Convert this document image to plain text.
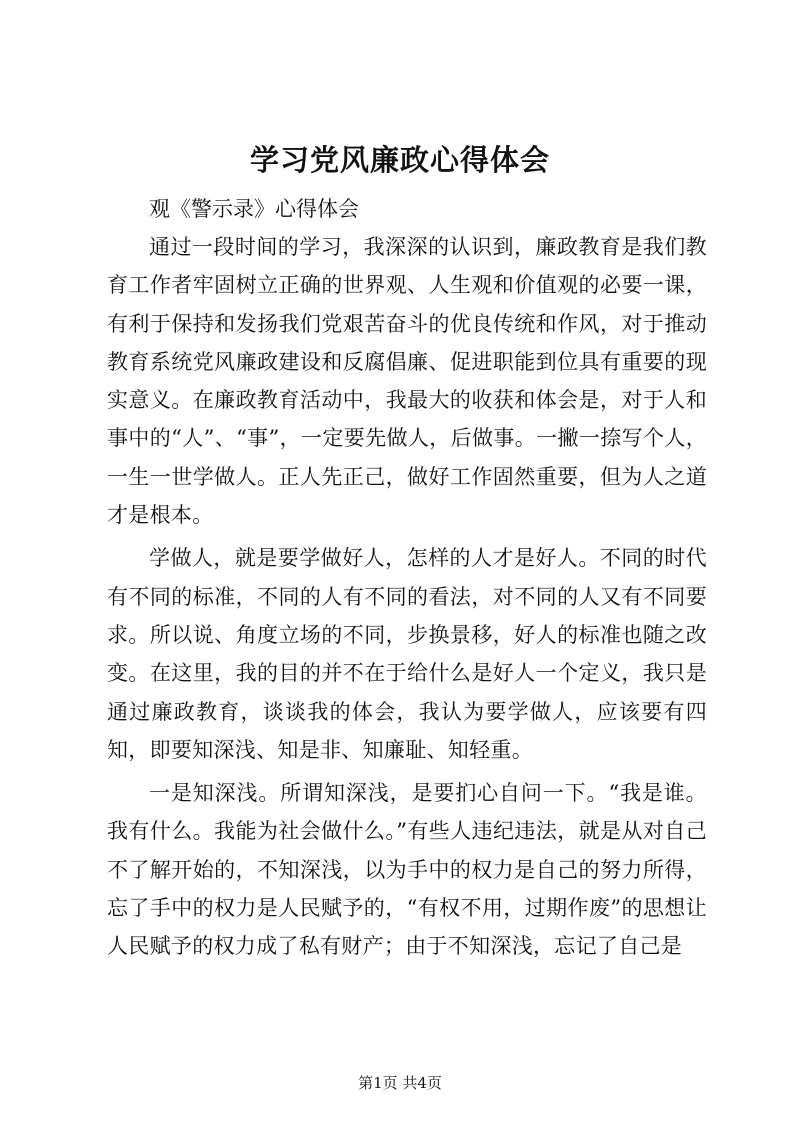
学习党风廉政心得体会
观《警示录》心得体会

通过一段时间的学习，我深深的认识到，廉政教育是我们教育工作者牢固树立正确的世界观、人生观和价值观的必要一课，有利于保持和发扬我们党艰苦奋斗的优良传统和作风，对于推动教育系统党风廉政建设和反腐倡廉、促进职能到位具有重要的现实意义。在廉政教育活动中，我最大的收获和体会是，对于人和事中的“人”、“事”，一定要先做人，后做事。一撇一捺写个人，一生一世学做人。正人先正己，做好工作固然重要，但为人之道才是根本。

学做人，就是要学做好人，怎样的人才是好人。不同的时代有不同的标准，不同的人有不同的看法，对不同的人又有不同要求。所以说、角度立场的不同，步换景移，好人的标准也随之改变。在这里，我的目的并不在于给什么是好人一个定义，我只是通过廉政教育，谈谈我的体会，我认为要学做人，应该要有四知，即要知深浅、知是非、知廉耻、知轻重。

一是知深浅。所谓知深浅，是要扪心自问一下。“我是谁。我有什么。我能为社会做什么。”有些人违纪违法，就是从对自己不了解开始的，不知深浅，以为手中的权力是自己的努力所得，忘了手中的权力是人民赋予的，“有权不用，过期作废”的思想让人民赋予的权力成了私有财产；由于不知深浅，忘记了自己是

第1页 共4页
